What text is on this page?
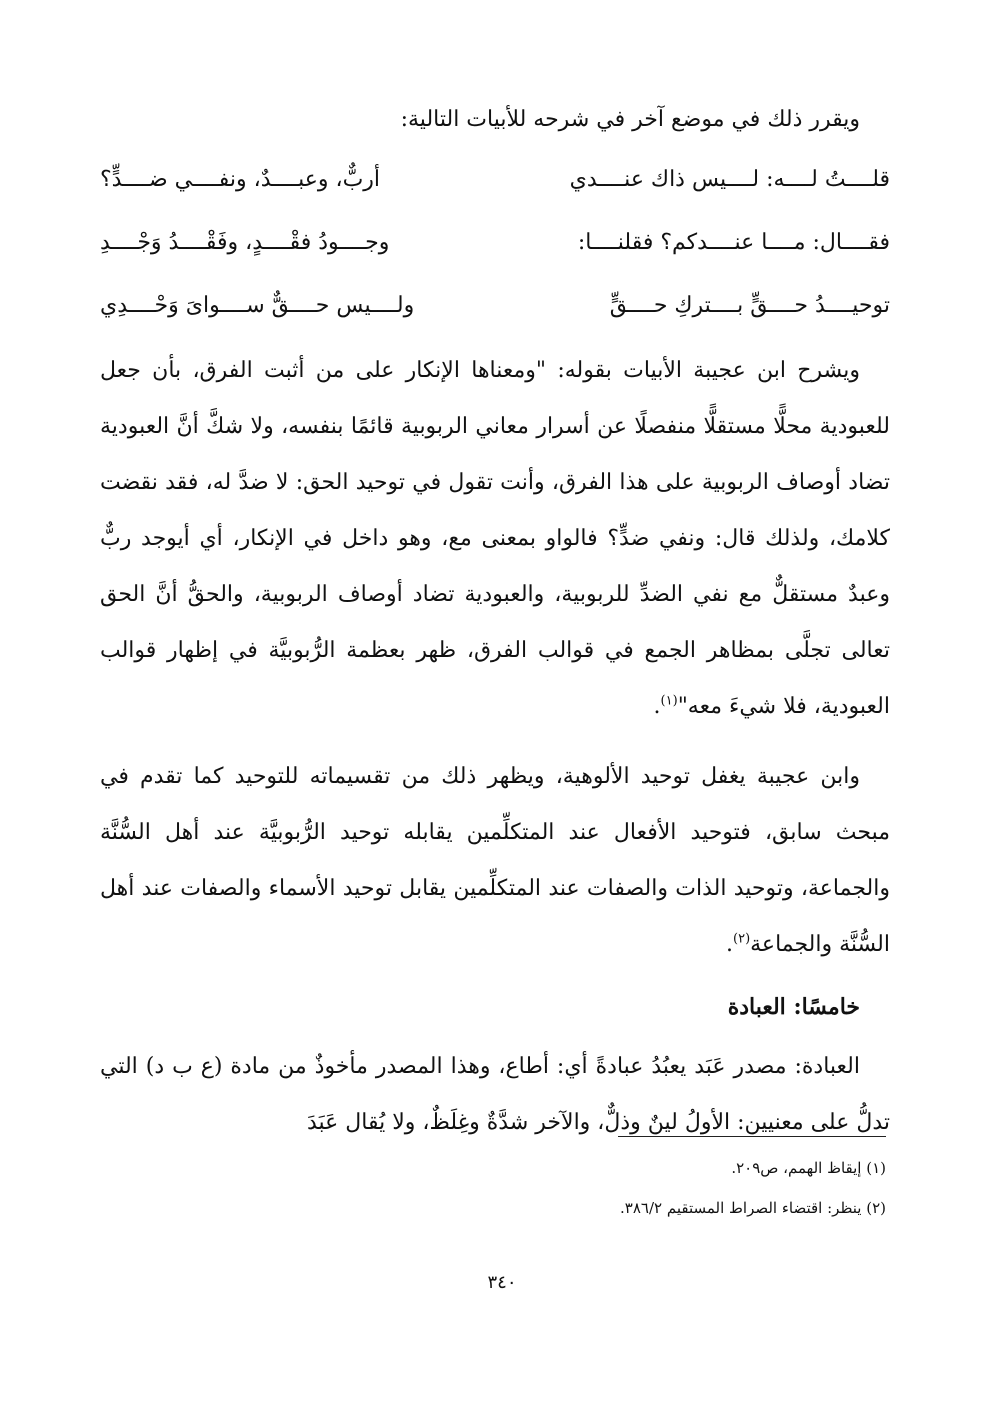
ويقرر ذلك في موضع آخر في شرحه للأبيات التالية:

قلــــتُ لــــه: لــــيس ذاك عنــــدي
أربٌّ، وعبــــدٌ، ونفــــي ضــــدٍّ؟
فقــــال: مــــا عنــــدكم؟ فقلنــــا:
وجــــودُ فقْــــدٍ، وفَقْــــدُ وَجْــــدِ
توحيــــدُ حــــقٍّ بــــتركِ حــــقٍّ
ولــــيس حــــقٌّ ســــواىَ وَحْــــدِي

ويشرح ابن عجيبة الأبيات بقوله: "ومعناها الإنكار على من أثبت الفرق، بأن جعل للعبودية محلًّا مستقلًّا منفصلًا عن أسرار معاني الربوبية قائمًا بنفسه، ولا شكَّ أنَّ العبودية تضاد أوصاف الربوبية على هذا الفرق، وأنت تقول في توحيد الحق: لا ضدَّ له، فقد نقضت كلامك، ولذلك قال: ونفي ضدٍّ؟ فالواو بمعنى مع، وهو داخل في الإنكار، أي أيوجد ربٌّ وعبدٌ مستقلٌّ مع نفي الضدِّ للربوبية، والعبودية تضاد أوصاف الربوبية، والحقُّ أنَّ الحق تعالى تجلَّى بمظاهر الجمع في قوالب الفرق، ظهر بعظمة الرُّبوبيَّة في إظهار قوالب العبودية، فلا شيءَ معه"$^{(١)}$.

وابن عجيبة يغفل توحيد الألوهية، ويظهر ذلك من تقسيماته للتوحيد كما تقدم في مبحث سابق، فتوحيد الأفعال عند المتكلِّمين يقابله توحيد الرُّبوبيَّة عند أهل السُّنَّة والجماعة، وتوحيد الذات والصفات عند المتكلِّمين يقابل توحيد الأسماء والصفات عند أهل السُّنَّة والجماعة$^{(٢)}$.

خامسًا: العبادة

العبادة: مصدر عَبَد يعبُدُ عبادةً أي: أطاع، وهذا المصدر مأخوذٌ من مادة (ع ب د) التي تدلُّ على معنيين: الأولُ لينٌ وذلٌّ، والآخر شدَّةٌ وغِلَظٌ، ولا يُقال عَبَدَ

(١) إيقاظ الهمم، ص٢٠٩.
(٢) ينظر: اقتضاء الصراط المستقيم ٣٨٦/٢.
٣٤٠
